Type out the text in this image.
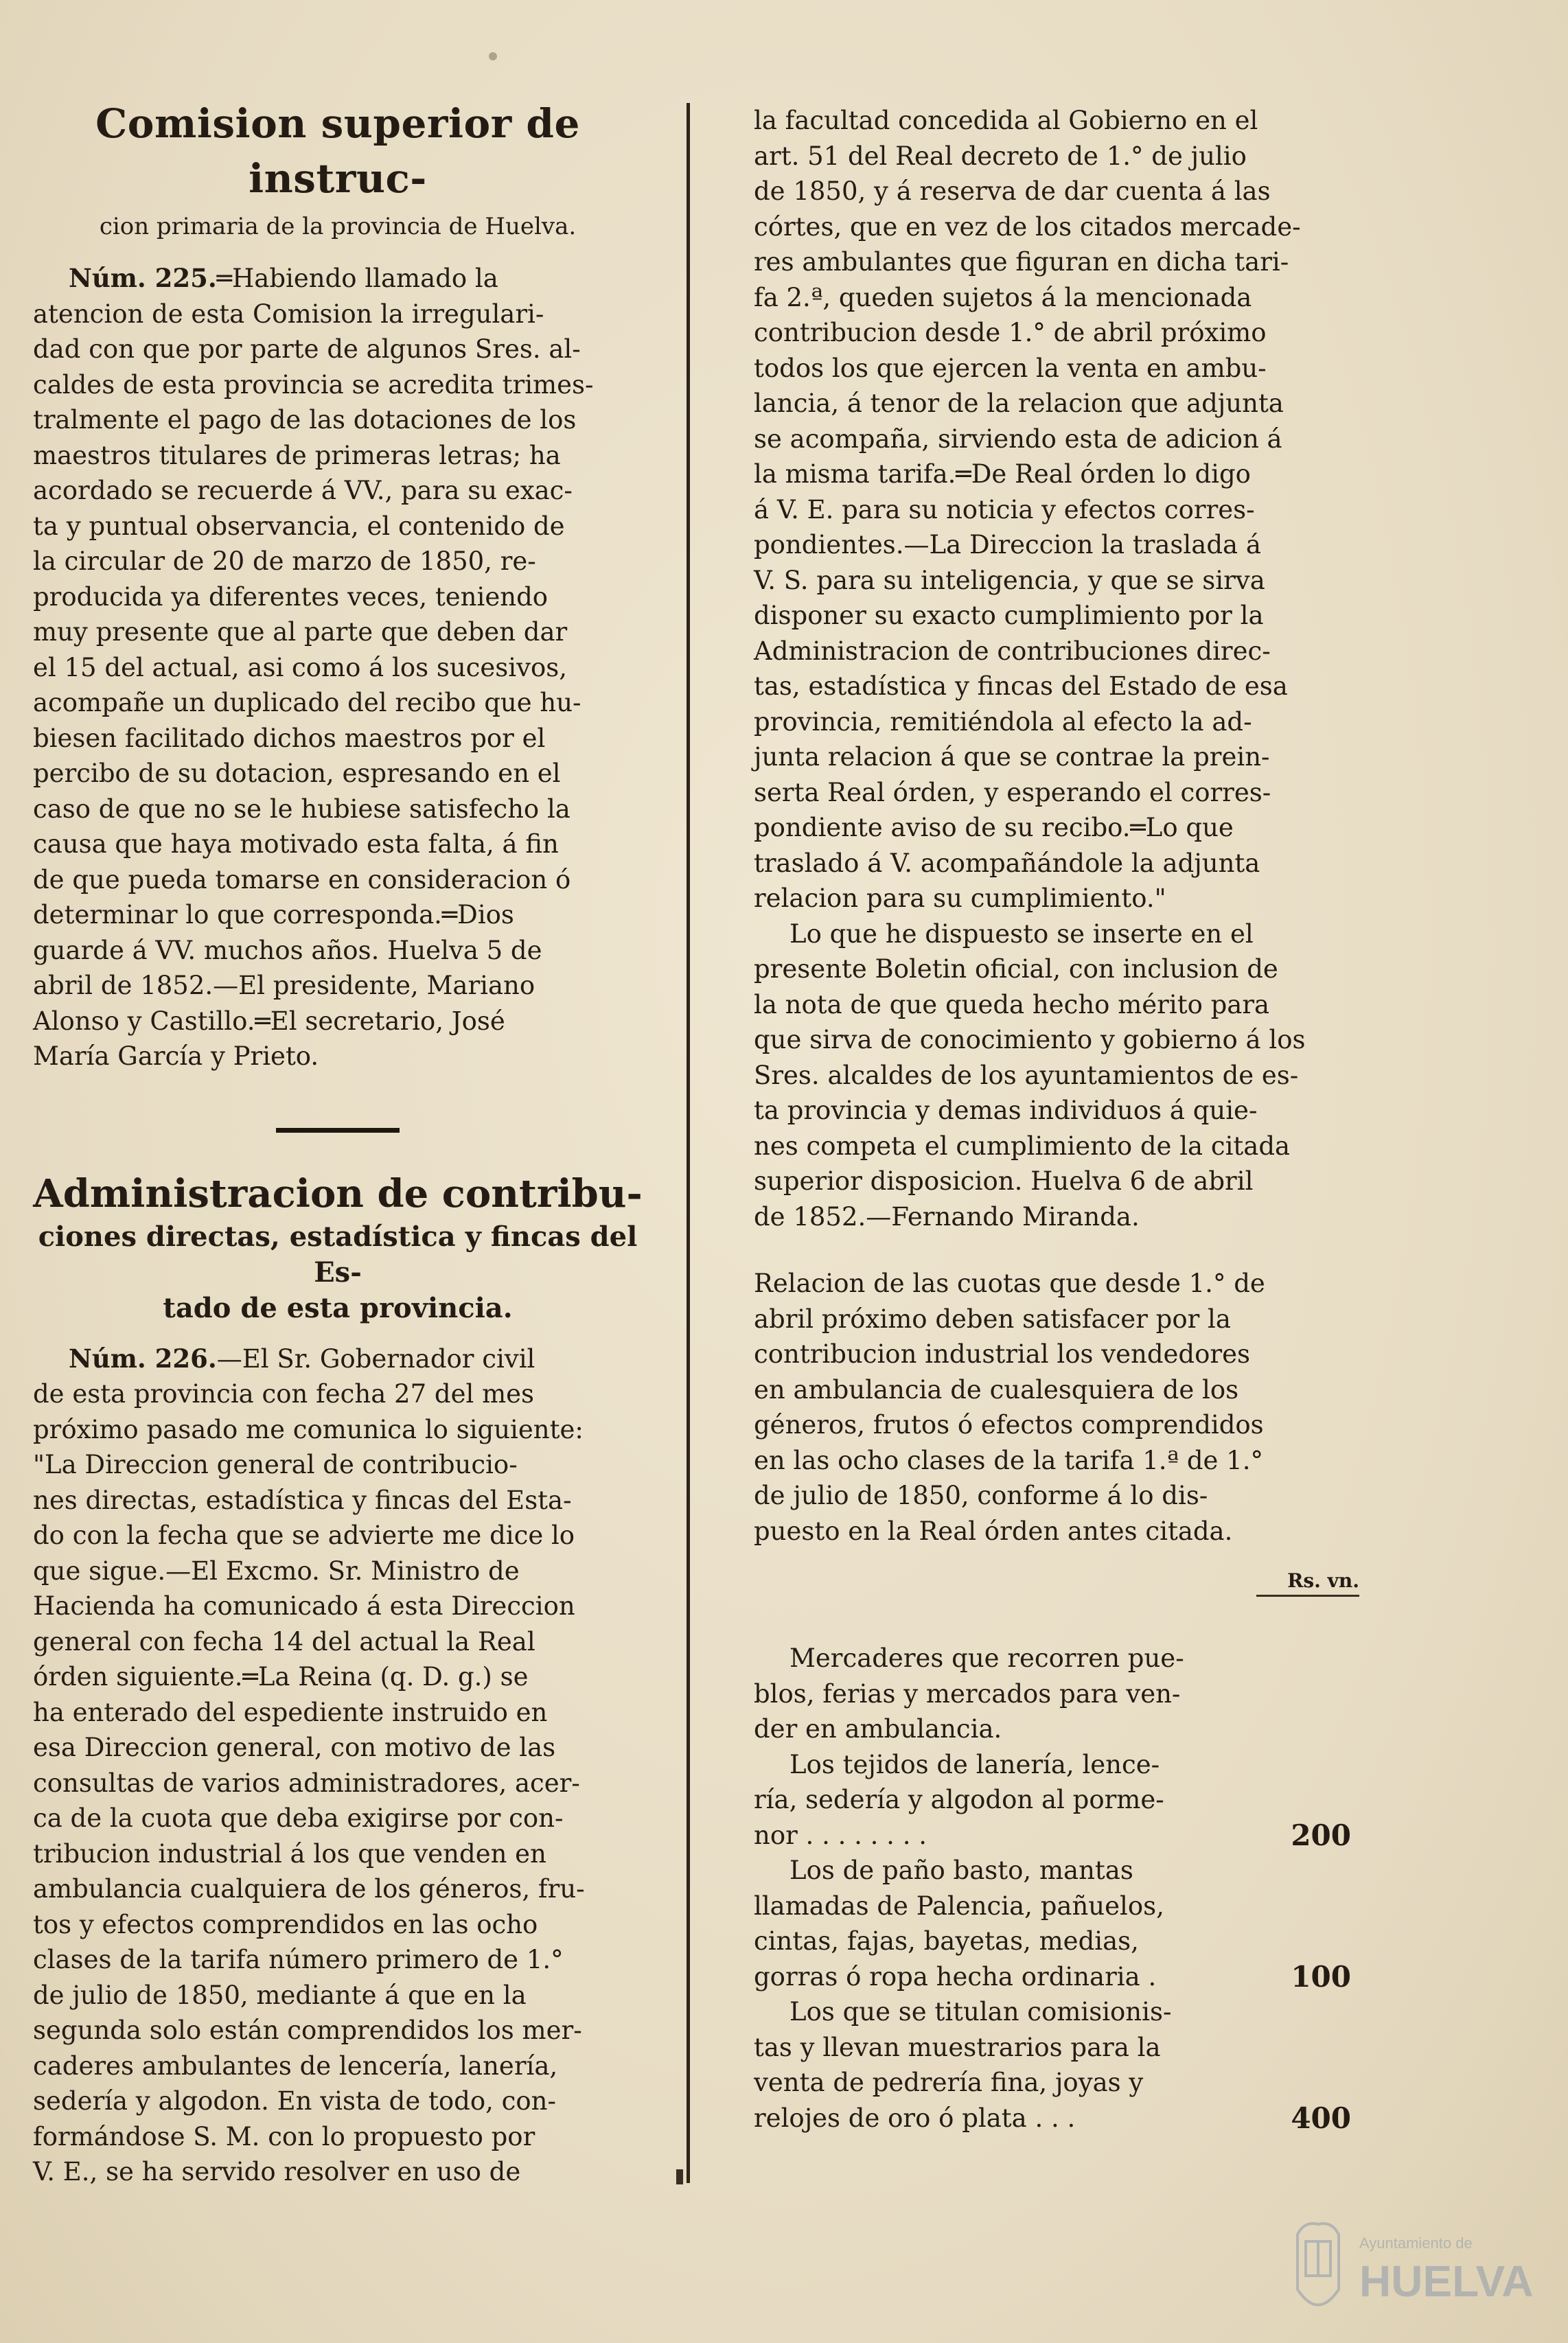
Comision superior de instruc-
cion primaria de la provincia de Huelva.

Núm. 225.═Habiendo llamado la

atencion de esta Comision la irregulari-

dad con que por parte de algunos Sres. al-

caldes de esta provincia se acredita trimes-

tralmente el pago de las dotaciones de los

maestros titulares de primeras letras; ha

acordado se recuerde á VV., para su exac-

ta y puntual observancia, el contenido de

la circular de 20 de marzo de 1850, re-

producida ya diferentes veces, teniendo

muy presente que al parte que deben dar

el 15 del actual, asi como á los sucesivos,

acompañe un duplicado del recibo que hu-

biesen facilitado dichos maestros por el

percibo de su dotacion, espresando en el

caso de que no se le hubiese satisfecho la

causa que haya motivado esta falta, á fin

de que pueda tomarse en consideracion ó

determinar lo que corresponda.═Dios

guarde á VV. muchos años. Huelva 5 de

abril de 1852.—El presidente, Mariano

Alonso y Castillo.═El secretario, José

María García y Prieto.

Administracion de contribu-
ciones directas, estadística y fincas del Es-
tado de esta provincia.

Núm. 226.—El Sr. Gobernador civil

de esta provincia con fecha 27 del mes

próximo pasado me comunica lo siguiente:

"La Direccion general de contribucio-

nes directas, estadística y fincas del Esta-

do con la fecha que se advierte me dice lo

que sigue.—El Excmo. Sr. Ministro de

Hacienda ha comunicado á esta Direccion

general con fecha 14 del actual la Real

órden siguiente.═La Reina (q. D. g.) se

ha enterado del espediente instruido en

esa Direccion general, con motivo de las

consultas de varios administradores, acer-

ca de la cuota que deba exigirse por con-

tribucion industrial á los que venden en

ambulancia cualquiera de los géneros, fru-

tos y efectos comprendidos en las ocho

clases de la tarifa número primero de 1.°

de julio de 1850, mediante á que en la

segunda solo están comprendidos los mer-

caderes ambulantes de lencería, lanería,

sedería y algodon. En vista de todo, con-

formándose S. M. con lo propuesto por

V. E., se ha servido resolver en uso de

la facultad concedida al Gobierno en el

art. 51 del Real decreto de 1.° de julio

de 1850, y á reserva de dar cuenta á las

córtes, que en vez de los citados mercade-

res ambulantes que figuran en dicha tari-

fa 2.ª, queden sujetos á la mencionada

contribucion desde 1.° de abril próximo

todos los que ejercen la venta en ambu-

lancia, á tenor de la relacion que adjunta

se acompaña, sirviendo esta de adicion á

la misma tarifa.═De Real órden lo digo

á V. E. para su noticia y efectos corres-

pondientes.—La Direccion la traslada á

V. S. para su inteligencia, y que se sirva

disponer su exacto cumplimiento por la

Administracion de contribuciones direc-

tas, estadística y fincas del Estado de esa

provincia, remitiéndola al efecto la ad-

junta relacion á que se contrae la prein-

serta Real órden, y esperando el corres-

pondiente aviso de su recibo.═Lo que

traslado á V. acompañándole la adjunta

relacion para su cumplimiento."

Lo que he dispuesto se inserte en el

presente Boletin oficial, con inclusion de

la nota de que queda hecho mérito para

que sirva de conocimiento y gobierno á los

Sres. alcaldes de los ayuntamientos de es-

ta provincia y demas individuos á quie-

nes competa el cumplimiento de la citada

superior disposicion. Huelva 6 de abril

de 1852.—Fernando Miranda.

Relacion de las cuotas que desde 1.° de

abril próximo deben satisfacer por la

contribucion industrial los vendedores

en ambulancia de cualesquiera de los

géneros, frutos ó efectos comprendidos

en las ocho clases de la tarifa 1.ª de 1.°

de julio de 1850, conforme á lo dis-

puesto en la Real órden antes citada.

Rs. vn.

Mercaderes que recorren pue-

blos, ferias y mercados para ven-

der en ambulancia.

Los tejidos de lanería, lence-

ría, sedería y algodon al porme-

nor . . . . . . . .	200

Los de paño basto, mantas

llamadas de Palencia, pañuelos,

cintas, fajas, bayetas, medias,

gorras ó ropa hecha ordinaria .	100

Los que se titulan comisionis-

tas y llevan muestrarios para la

venta de pedrería fina, joyas y

relojes de oro ó plata . . .	400
Ayuntamiento de
HUELVA
